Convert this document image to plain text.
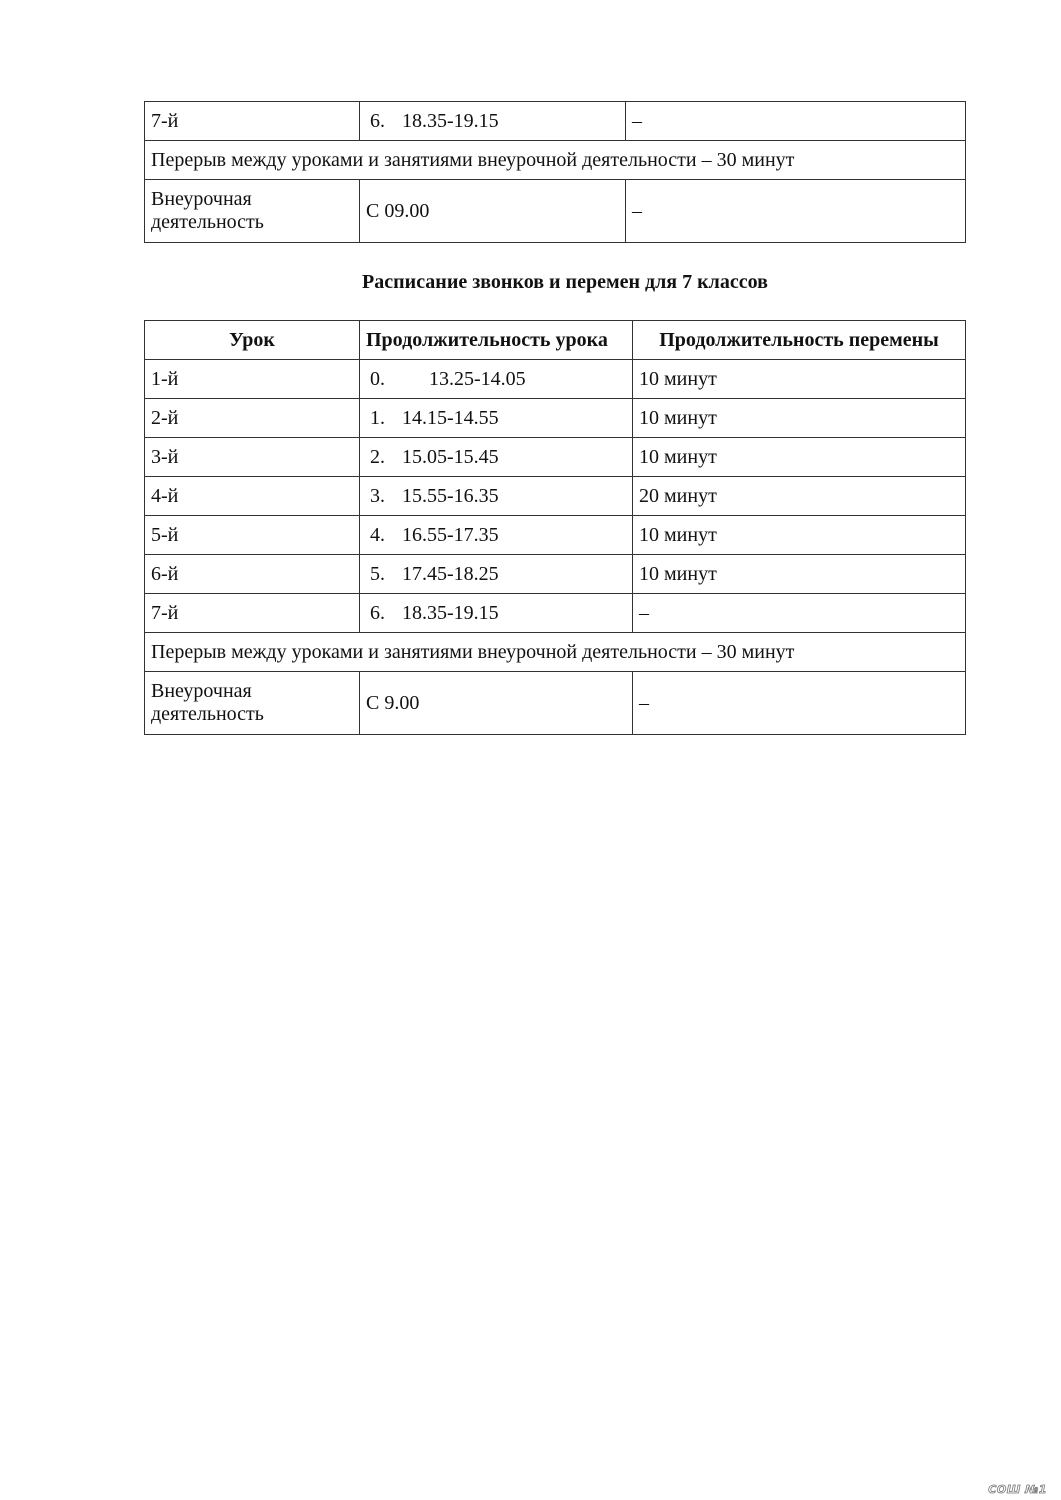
7-й	6. 18.35-19.15	–
Перерыв между уроками и занятиями внеурочной деятельности – 30 минут		
Внеурочная деятельность	С 09.00	–
Расписание звонков и перемен для 7 классов
Урок	Продолжительность урока	Продолжительность перемены
1-й	0. 13.25-14.05	10 минут
2-й	1. 14.15-14.55	10 минут
3-й	2. 15.05-15.45	10 минут
4-й	3. 15.55-16.35	20 минут
5-й	4. 16.55-17.35	10 минут
6-й	5. 17.45-18.25	10 минут
7-й	6. 18.35-19.15	–
Перерыв между уроками и занятиями внеурочной деятельности – 30 минут		
Внеурочная деятельность	С 9.00	–
СОШ №1
